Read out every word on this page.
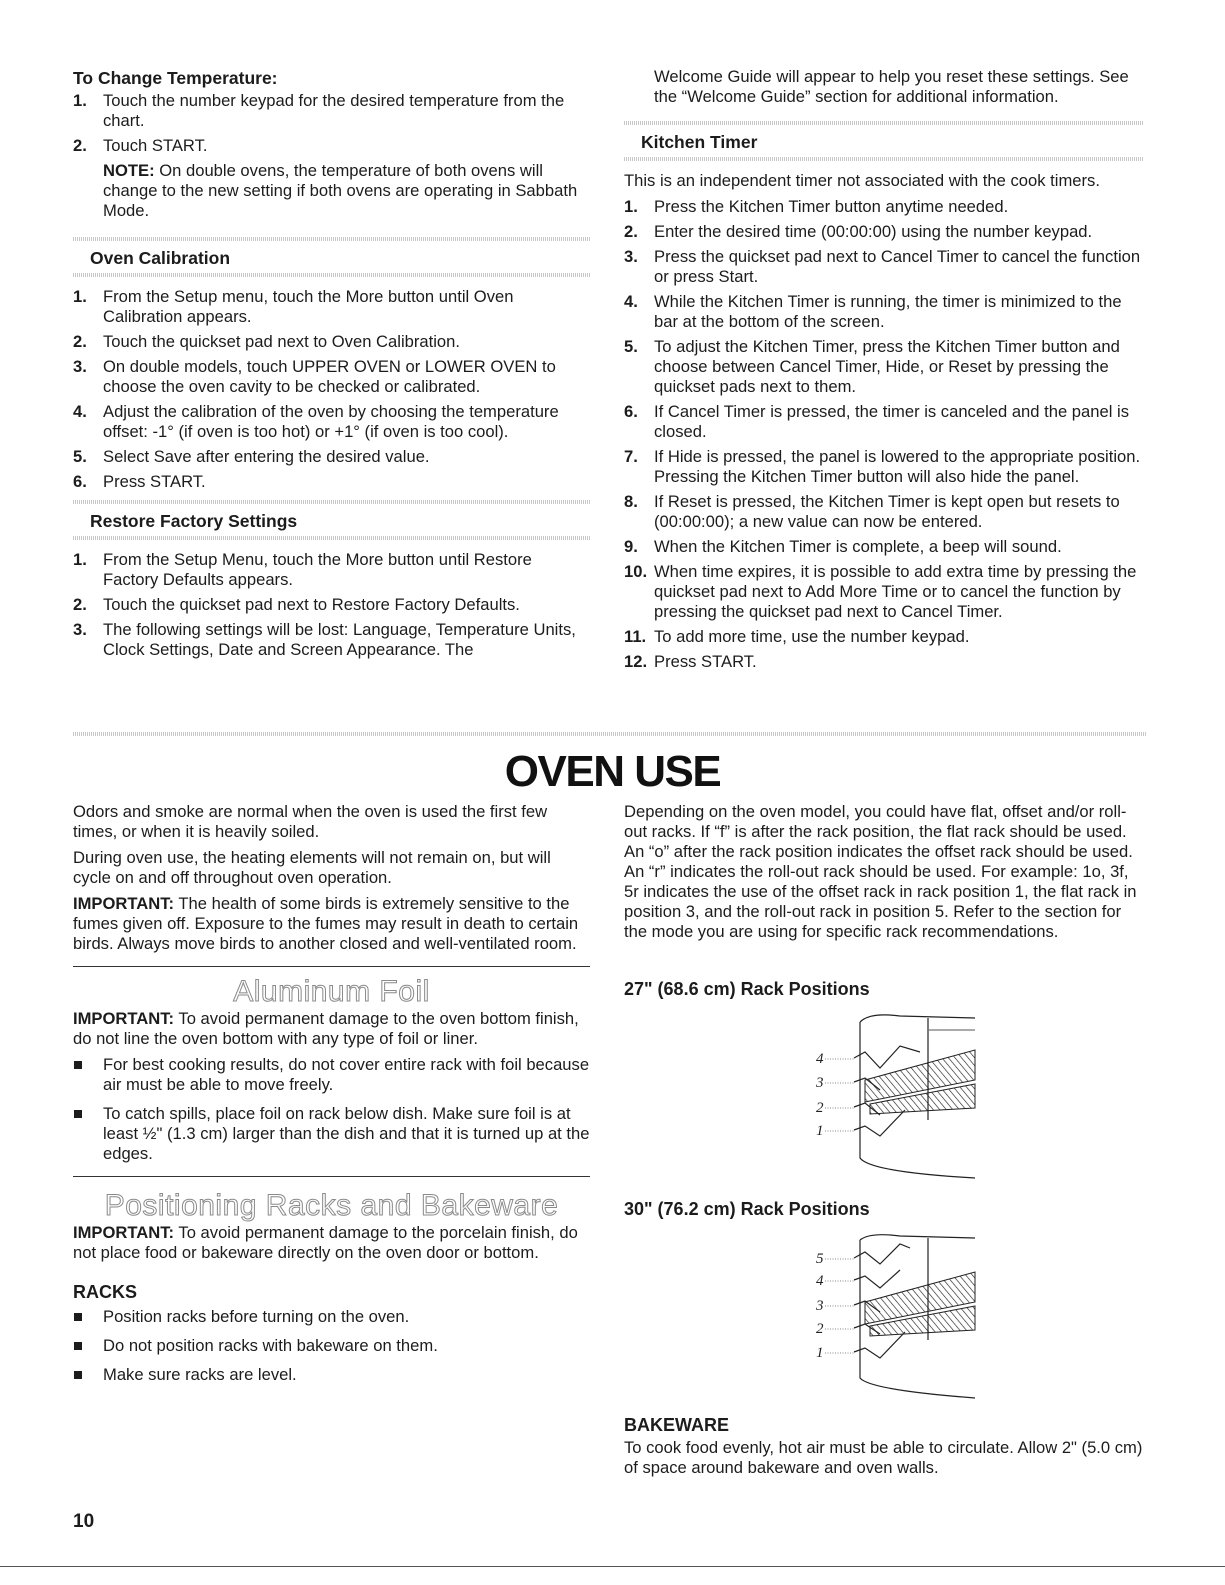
To Change Temperature:
1. Touch the number keypad for the desired temperature from the chart.
2. Touch START.
NOTE: On double ovens, the temperature of both ovens will change to the new setting if both ovens are operating in Sabbath Mode.
Oven Calibration
1. From the Setup menu, touch the More button until Oven Calibration appears.
2. Touch the quickset pad next to Oven Calibration.
3. On double models, touch UPPER OVEN or LOWER OVEN to choose the oven cavity to be checked or calibrated.
4. Adjust the calibration of the oven by choosing the temperature offset: -1° (if oven is too hot) or +1° (if oven is too cool).
5. Select Save after entering the desired value.
6. Press START.
Restore Factory Settings
1. From the Setup Menu, touch the More button until Restore Factory Defaults appears.
2. Touch the quickset pad next to Restore Factory Defaults.
3. The following settings will be lost: Language, Temperature Units, Clock Settings, Date and Screen Appearance. The
Welcome Guide will appear to help you reset these settings. See the “Welcome Guide” section for additional information.
Kitchen Timer

This is an independent timer not associated with the cook timers.

1. Press the Kitchen Timer button anytime needed.
2. Enter the desired time (00:00:00) using the number keypad.
3. Press the quickset pad next to Cancel Timer to cancel the function or press Start.
4. While the Kitchen Timer is running, the timer is minimized to the bar at the bottom of the screen.
5. To adjust the Kitchen Timer, press the Kitchen Timer button and choose between Cancel Timer, Hide, or Reset by pressing the quickset pads next to them.
6. If Cancel Timer is pressed, the timer is canceled and the panel is closed.
7. If Hide is pressed, the panel is lowered to the appropriate position. Pressing the Kitchen Timer button will also hide the panel.
8. If Reset is pressed, the Kitchen Timer is kept open but resets to (00:00:00); a new value can now be entered.
9. When the Kitchen Timer is complete, a beep will sound.
10. When time expires, it is possible to add extra time by pressing the quickset pad next to Add More Time or to cancel the function by pressing the quickset pad next to Cancel Timer.
11. To add more time, use the number keypad.
12. Press START.
OVEN USE

Odors and smoke are normal when the oven is used the first few times, or when it is heavily soiled.

During oven use, the heating elements will not remain on, but will cycle on and off throughout oven operation.

IMPORTANT: The health of some birds is extremely sensitive to the fumes given off. Exposure to the fumes may result in death to certain birds. Always move birds to another closed and well-ventilated room.

Aluminum Foil

IMPORTANT: To avoid permanent damage to the oven bottom finish, do not line the oven bottom with any type of foil or liner.

For best cooking results, do not cover entire rack with foil because air must be able to move freely.
To catch spills, place foil on rack below dish. Make sure foil is at least ½" (1.3 cm) larger than the dish and that it is turned up at the edges.
Positioning Racks and Bakeware

IMPORTANT: To avoid permanent damage to the porcelain finish, do not place food or bakeware directly on the oven door or bottom.

RACKS
Position racks before turning on the oven.
Do not position racks with bakeware on them.
Make sure racks are level.

Depending on the oven model, you could have flat, offset and/or roll-out racks. If “f” is after the rack position, the flat rack should be used. An “o” after the rack position indicates the offset rack should be used. An “r” indicates the roll-out rack should be used. For example: 1o, 3f, 5r indicates the use of the offset rack in rack position 1, the flat rack in position 3, and the roll-out rack in position 5. Refer to the section for the mode you are using for specific rack recommendations.

27" (68.6 cm) Rack Positions
4
3
2
1
30" (76.2 cm) Rack Positions
5
4
3
2
1
BAKEWARE
To cook food evenly, hot air must be able to circulate. Allow 2" (5.0 cm) of space around bakeware and oven walls.
10
